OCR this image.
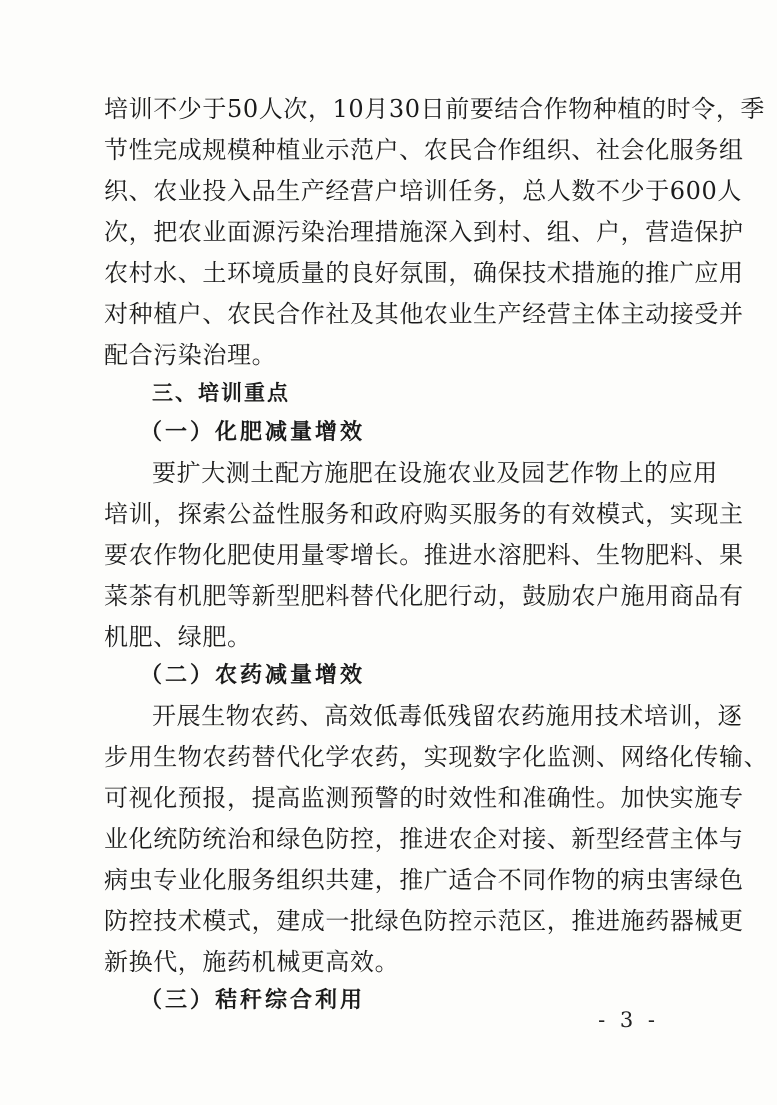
培训不少于50人次，10月30日前要结合作物种植的时令，季
节性完成规模种植业示范户、农民合作组织、社会化服务组
织、农业投入品生产经营户培训任务，总人数不少于600人
次，把农业面源污染治理措施深入到村、组、户，营造保护
农村水、土环境质量的良好氛围，确保技术措施的推广应用
对种植户、农民合作社及其他农业生产经营主体主动接受并
配合污染治理。
三、培训重点
（一）化肥减量增效
要扩大测土配方施肥在设施农业及园艺作物上的应用
培训，探索公益性服务和政府购买服务的有效模式，实现主
要农作物化肥使用量零增长。推进水溶肥料、生物肥料、果
菜茶有机肥等新型肥料替代化肥行动，鼓励农户施用商品有
机肥、绿肥。
（二）农药减量增效
开展生物农药、高效低毒低残留农药施用技术培训，逐
步用生物农药替代化学农药，实现数字化监测、网络化传输、
可视化预报，提高监测预警的时效性和准确性。加快实施专
业化统防统治和绿色防控，推进农企对接、新型经营主体与
病虫专业化服务组织共建，推广适合不同作物的病虫害绿色
防控技术模式，建成一批绿色防控示范区，推进施药器械更
新换代，施药机械更高效。
（三）秸秆综合利用
- 3 -
